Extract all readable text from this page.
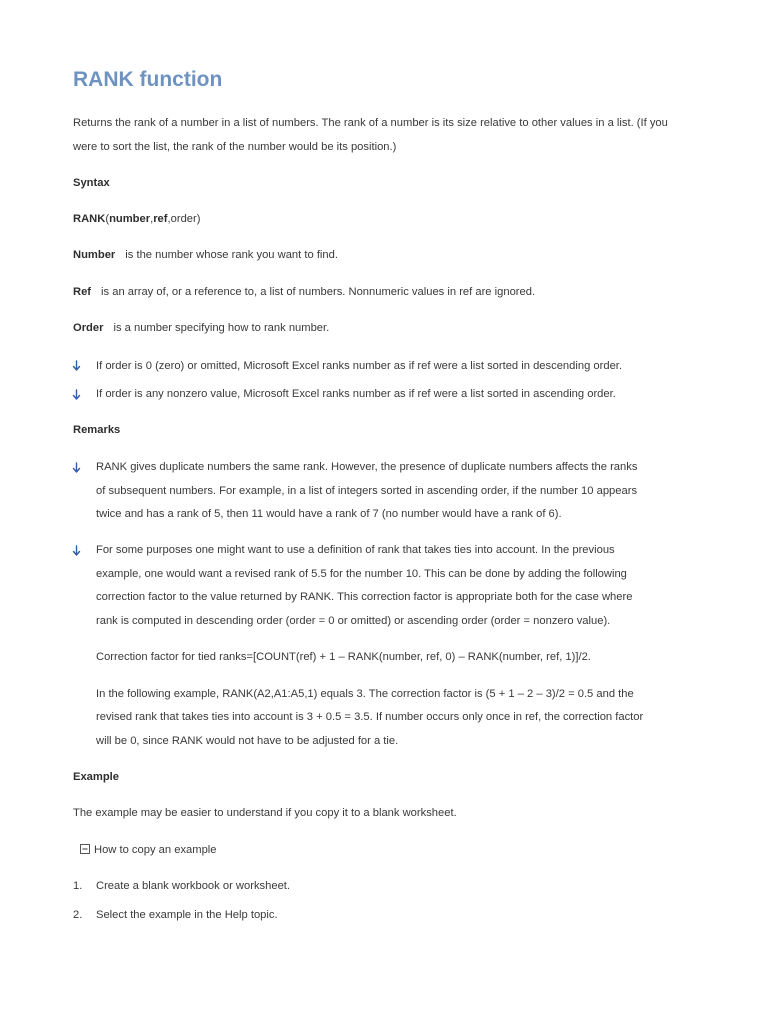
RANK function
Returns the rank of a number in a list of numbers. The rank of a number is its size relative to other values in a list. (If you
were to sort the list, the rank of the number would be its position.)
Syntax
RANK(number,ref,order)
Number is the number whose rank you want to find.
Ref is an array of, or a reference to, a list of numbers. Nonnumeric values in ref are ignored.
Order is a number specifying how to rank number.
If order is 0 (zero) or omitted, Microsoft Excel ranks number as if ref were a list sorted in descending order.
If order is any nonzero value, Microsoft Excel ranks number as if ref were a list sorted in ascending order.
Remarks
RANK gives duplicate numbers the same rank. However, the presence of duplicate numbers affects the ranks
of subsequent numbers. For example, in a list of integers sorted in ascending order, if the number 10 appears
twice and has a rank of 5, then 11 would have a rank of 7 (no number would have a rank of 6).
For some purposes one might want to use a definition of rank that takes ties into account. In the previous
example, one would want a revised rank of 5.5 for the number 10. This can be done by adding the following
correction factor to the value returned by RANK. This correction factor is appropriate both for the case where
rank is computed in descending order (order = 0 or omitted) or ascending order (order = nonzero value).
Correction factor for tied ranks=[COUNT(ref) + 1 – RANK(number, ref, 0) – RANK(number, ref, 1)]/2.
In the following example, RANK(A2,A1:A5,1) equals 3. The correction factor is (5 + 1 – 2 – 3)/2 = 0.5 and the
revised rank that takes ties into account is 3 + 0.5 = 3.5. If number occurs only once in ref, the correction factor
will be 0, since RANK would not have to be adjusted for a tie.
Example
The example may be easier to understand if you copy it to a blank worksheet.
How to copy an example
1. Create a blank workbook or worksheet.
2. Select the example in the Help topic.
